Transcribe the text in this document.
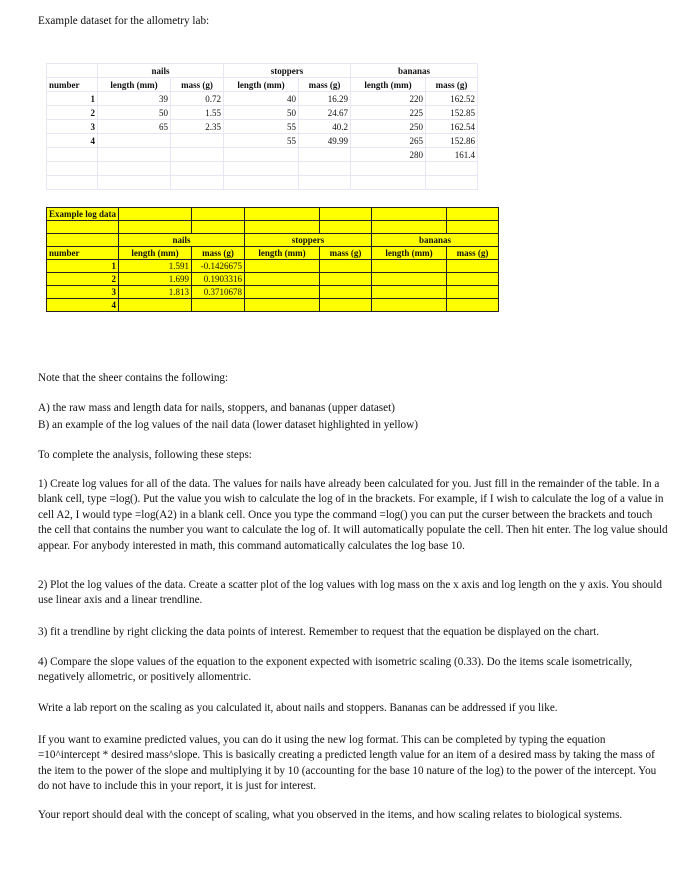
Example dataset for the allometry lab:

	nails		stoppers		bananas	
number	length (mm)	mass (g)	length (mm)	mass (g)	length (mm)	mass (g)
1	39	0.72	40	16.29	220	162.52
2	50	1.55	50	24.67	225	152.85
3	65	2.35	55	40.2	250	162.54
4			55	49.99	265	152.86
					280	161.4

Example log data						

	nails		stoppers		bananas	
number	length (mm)	mass (g)	length (mm)	mass (g)	length (mm)	mass (g)
1	1.591	-0.1426675				
2	1.699	0.1903316				
3	1.813	0.3710678				
4						

Note that the sheer contains the following:

A) the raw mass and length data for nails, stoppers, and bananas (upper dataset)

B) an example of the log values of the nail data (lower dataset highlighted in yellow)

To complete the analysis, following these steps:

1) Create log values for all of the data. The values for nails have already been calculated for you. Just fill in the remainder of the table. In a blank cell, type =log(). Put the value you wish to calculate the log of in the brackets. For example, if I wish to calculate the log of a value in cell A2, I would type =log(A2) in a blank cell. Once you type the command =log() you can put the curser between the brackets and touch the cell that contains the number you want to calculate the log of. It will automatically populate the cell. Then hit enter. The log value should appear. For anybody interested in math, this command automatically calculates the log base 10.

2) Plot the log values of the data. Create a scatter plot of the log values with log mass on the x axis and log length on the y axis. You should use linear axis and a linear trendline.

3) fit a trendline by right clicking the data points of interest. Remember to request that the equation be displayed on the chart.

4) Compare the slope values of the equation to the exponent expected with isometric scaling (0.33). Do the items scale isometrically, negatively allometric, or positively allomentric.

Write a lab report on the scaling as you calculated it, about nails and stoppers. Bananas can be addressed if you like.

If you want to examine predicted values, you can do it using the new log format. This can be completed by typing the equation =10^intercept * desired mass^slope. This is basically creating a predicted length value for an item of a desired mass by taking the mass of the item to the power of the slope and multiplying it by 10 (accounting for the base 10 nature of the log) to the power of the intercept. You do not have to include this in your report, it is just for interest.

Your report should deal with the concept of scaling, what you observed in the items, and how scaling relates to biological systems.
